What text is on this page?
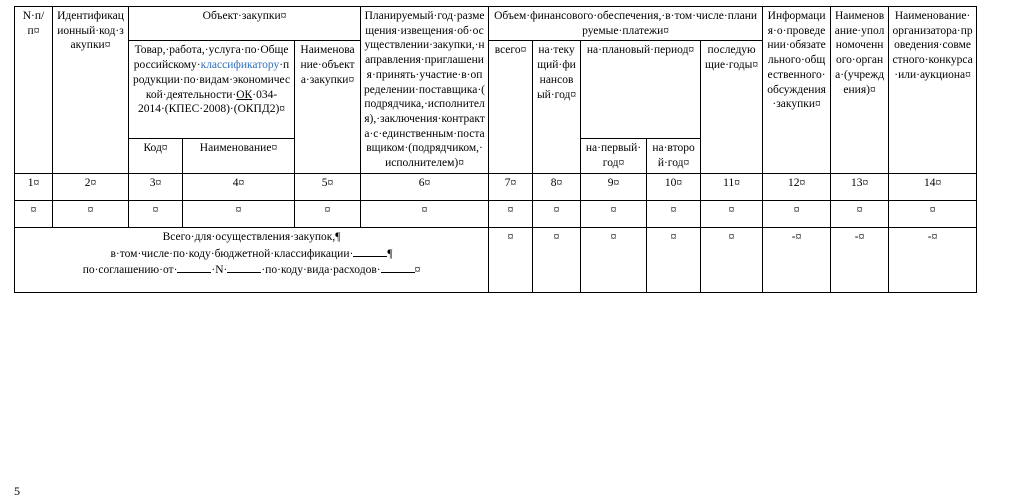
N·п/п¤	Идентификационный·код·закупки¤	Объект·закупки¤			Планируемый·год·размещения·извещения·об·осуществлении·закупки,·направления·приглашения·принять·участие·в·определении·поставщика·(подрядчика,·исполнителя),·заключения·контракта·с·единственным·поставщиком·(подрядчиком,·исполнителем)¤	Объем·финансового·обеспечения,·в·том·числе·планируемые·платежи¤					Информация·о·проведении·обязательного·общественного·обсуждения·закупки¤	Наименование·уполномоченного·органа·(учреждения)¤	Наименование·организатора·проведения·совместного·конкурса·или·аукциона¤
		Товар,·работа,·услуга·по·Общероссийскому·классификатору·продукции·по·видам·экономической·деятельности·ОК·034-2014·(КПЕС·2008)·(ОКПД2)¤		Наименование·объекта·закупки¤		всего¤	на·текущий·финансовый·год¤	на·плановый·период¤		последующие·годы¤			
		Код¤	Наименование¤					на·первый·год¤	на·второй·год¤				
1¤	2¤	3¤	4¤	5¤	6¤	7¤	8¤	9¤	10¤	11¤	12¤	13¤	14¤
¤	¤	¤	¤	¤	¤	¤	¤	¤	¤	¤	¤	¤	¤

Всего·для·осуществления·закупок,¶
в·том·числе·по·коду·бюджетной·классификации· ¶
по·соглашению·от· ·N· ·по·коду·вида·расходов· ¤						¤	¤	¤	¤	¤	-¤	-¤	-¤
5
